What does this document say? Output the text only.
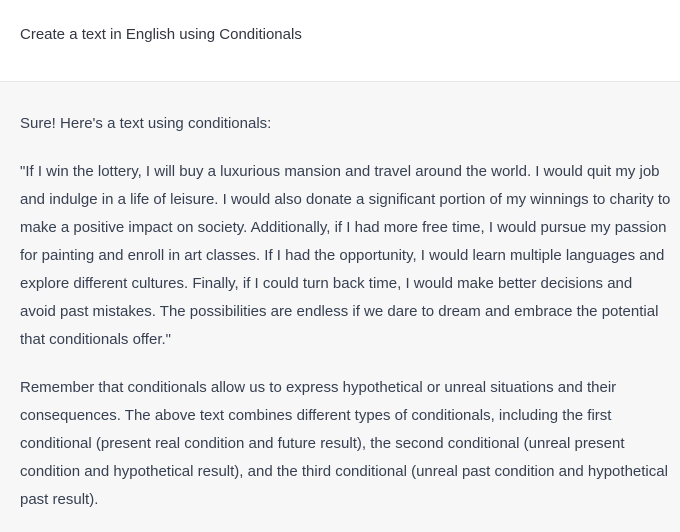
Create a text in English using Conditionals

Sure! Here's a text using conditionals:

"If I win the lottery, I will buy a luxurious mansion and travel around the world. I would quit my job and indulge in a life of leisure. I would also donate a significant portion of my winnings to charity to make a positive impact on society. Additionally, if I had more free time, I would pursue my passion for painting and enroll in art classes. If I had the opportunity, I would learn multiple languages and explore different cultures. Finally, if I could turn back time, I would make better decisions and avoid past mistakes. The possibilities are endless if we dare to dream and embrace the potential that conditionals offer."

Remember that conditionals allow us to express hypothetical or unreal situations and their consequences. The above text combines different types of conditionals, including the first conditional (present real condition and future result), the second conditional (unreal present condition and hypothetical result), and the third conditional (unreal past condition and hypothetical past result).
